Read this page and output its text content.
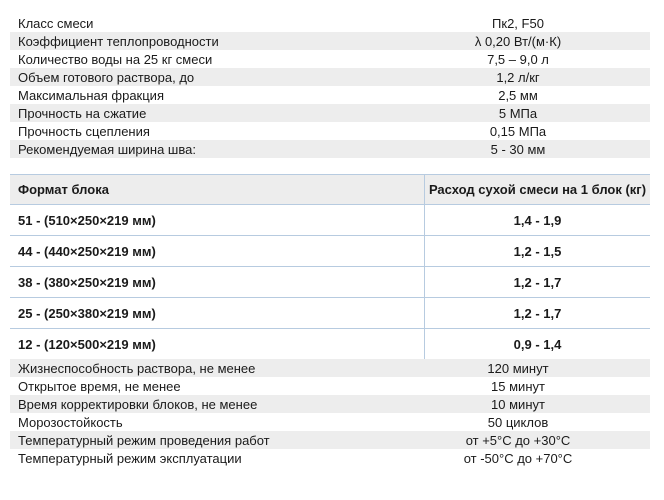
Класс смеси	Пк2, F50
Коэффициент теплопроводности	λ 0,20 Вт/(м·К)
Количество воды на 25 кг смеси	7,5 – 9,0 л
Объем готового раствора, до	1,2 л/кг
Максимальная фракция	2,5 мм
Прочность на сжатие	5 МПа
Прочность сцепления	0,15 МПа
Рекомендуемая ширина шва:	5 - 30 мм
Формат блока	Расход сухой смеси на 1 блок (кг)
51 - (510×250×219 мм)	1,4 - 1,9
44 - (440×250×219 мм)	1,2 - 1,5
38 - (380×250×219 мм)	1,2 - 1,7
25 - (250×380×219 мм)	1,2 - 1,7
12 - (120×500×219 мм)	0,9 - 1,4
Жизнеспособность раствора, не менее	120 минут
Открытое время, не менее	15 минут
Время корректировки блоков, не менее	10 минут
Морозостойкость	50 циклов
Температурный режим проведения работ	от +5°С до +30°С
Температурный режим эксплуатации	от -50°С до +70°С
